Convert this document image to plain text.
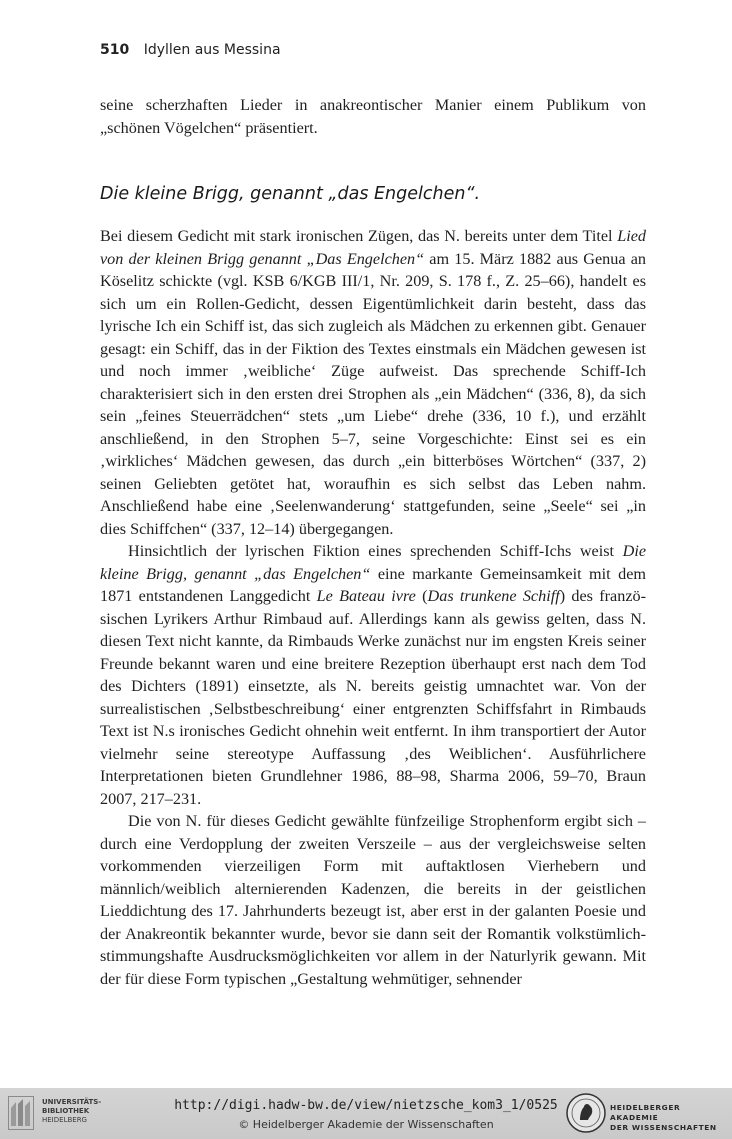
510 Idyllen aus Messina

seine scherzhaften Lieder in anakreontischer Manier einem Publikum von

„schönen Vögelchen“ präsentiert.

Die kleine Brigg, genannt „das Engelchen“.

Bei diesem Gedicht mit stark ironischen Zügen, das N. bereits unter dem Titel Lied von der kleinen Brigg genannt „Das Engelchen“ am 15. März 1882 aus Genua an Köselitz schickte (vgl. KSB 6/KGB III/1, Nr. 209, S. 178 f., Z. 25–66), handelt es sich um ein Rollen-Gedicht, dessen Eigentümlichkeit darin besteht, dass das lyrische Ich ein Schiff ist, das sich zugleich als Mädchen zu erkennen gibt. Genauer gesagt: ein Schiff, das in der Fiktion des Textes einstmals ein Mädchen gewesen ist und noch immer ‚weibliche‘ Züge aufweist. Das sprechende Schiff-Ich charakterisiert sich in den ersten drei Strophen als „ein Mädchen“ (336, 8), da sich sein „feines Steuerrädchen“ stets „um Liebe“ drehe (336, 10 f.), und erzählt anschließend, in den Strophen 5–7, seine Vorgeschichte: Einst sei es ein ‚wirkliches‘ Mädchen gewesen, das durch „ein bitterböses Wörtchen“ (337, 2) seinen Geliebten getötet hat, woraufhin es sich selbst das Leben nahm. Anschließend habe eine ‚Seelenwanderung‘ stattgefunden, seine „Seele“ sei „in dies Schiffchen“ (337, 12–14) übergegangen.

Hinsichtlich der lyrischen Fiktion eines sprechenden Schiff-Ichs weist Die kleine Brigg, genannt „das Engelchen“ eine markante Gemeinsamkeit mit dem 1871 entstandenen Langgedicht Le Bateau ivre (Das trunkene Schiff) des französischen Lyrikers Arthur Rimbaud auf. Allerdings kann als gewiss gelten, dass N. diesen Text nicht kannte, da Rimbauds Werke zunächst nur im engsten Kreis seiner Freunde bekannt waren und eine breitere Rezeption überhaupt erst nach dem Tod des Dichters (1891) einsetzte, als N. bereits geistig umnachtet war. Von der surrealistischen ‚Selbstbeschreibung‘ einer entgrenzten Schiffsfahrt in Rimbauds Text ist N.s ironisches Gedicht ohnehin weit entfernt. In ihm transportiert der Autor vielmehr seine stereotype Auffassung ‚des Weiblichen‘. Ausführlichere Interpretationen bieten Grundlehner 1986, 88–98, Sharma 2006, 59–70, Braun 2007, 217–231.

Die von N. für dieses Gedicht gewählte fünfzeilige Strophenform ergibt sich – durch eine Verdopplung der zweiten Verszeile – aus der vergleichsweise selten vorkommenden vierzeiligen Form mit auftaktlosen Vierhebern und männlich/weiblich alternierenden Kadenzen, die bereits in der geistlichen Lieddichtung des 17. Jahrhunderts bezeugt ist, aber erst in der galanten Poesie und der Anakreontik bekannter wurde, bevor sie dann seit der Romantik volkstümlich-stimmungshafte Ausdrucksmöglichkeiten vor allem in der Naturlyrik gewann. Mit der für diese Form typischen „Gestaltung wehmütiger, sehnender

UNIVERSITÄTS-
BIBLIOTHEK
HEIDELBERG
http://digi.hadw-bw.de/view/nietzsche_kom3_1/0525
© Heidelberger Akademie der Wissenschaften
HEIDELBERGER AKADEMIE
DER WISSENSCHAFTEN
